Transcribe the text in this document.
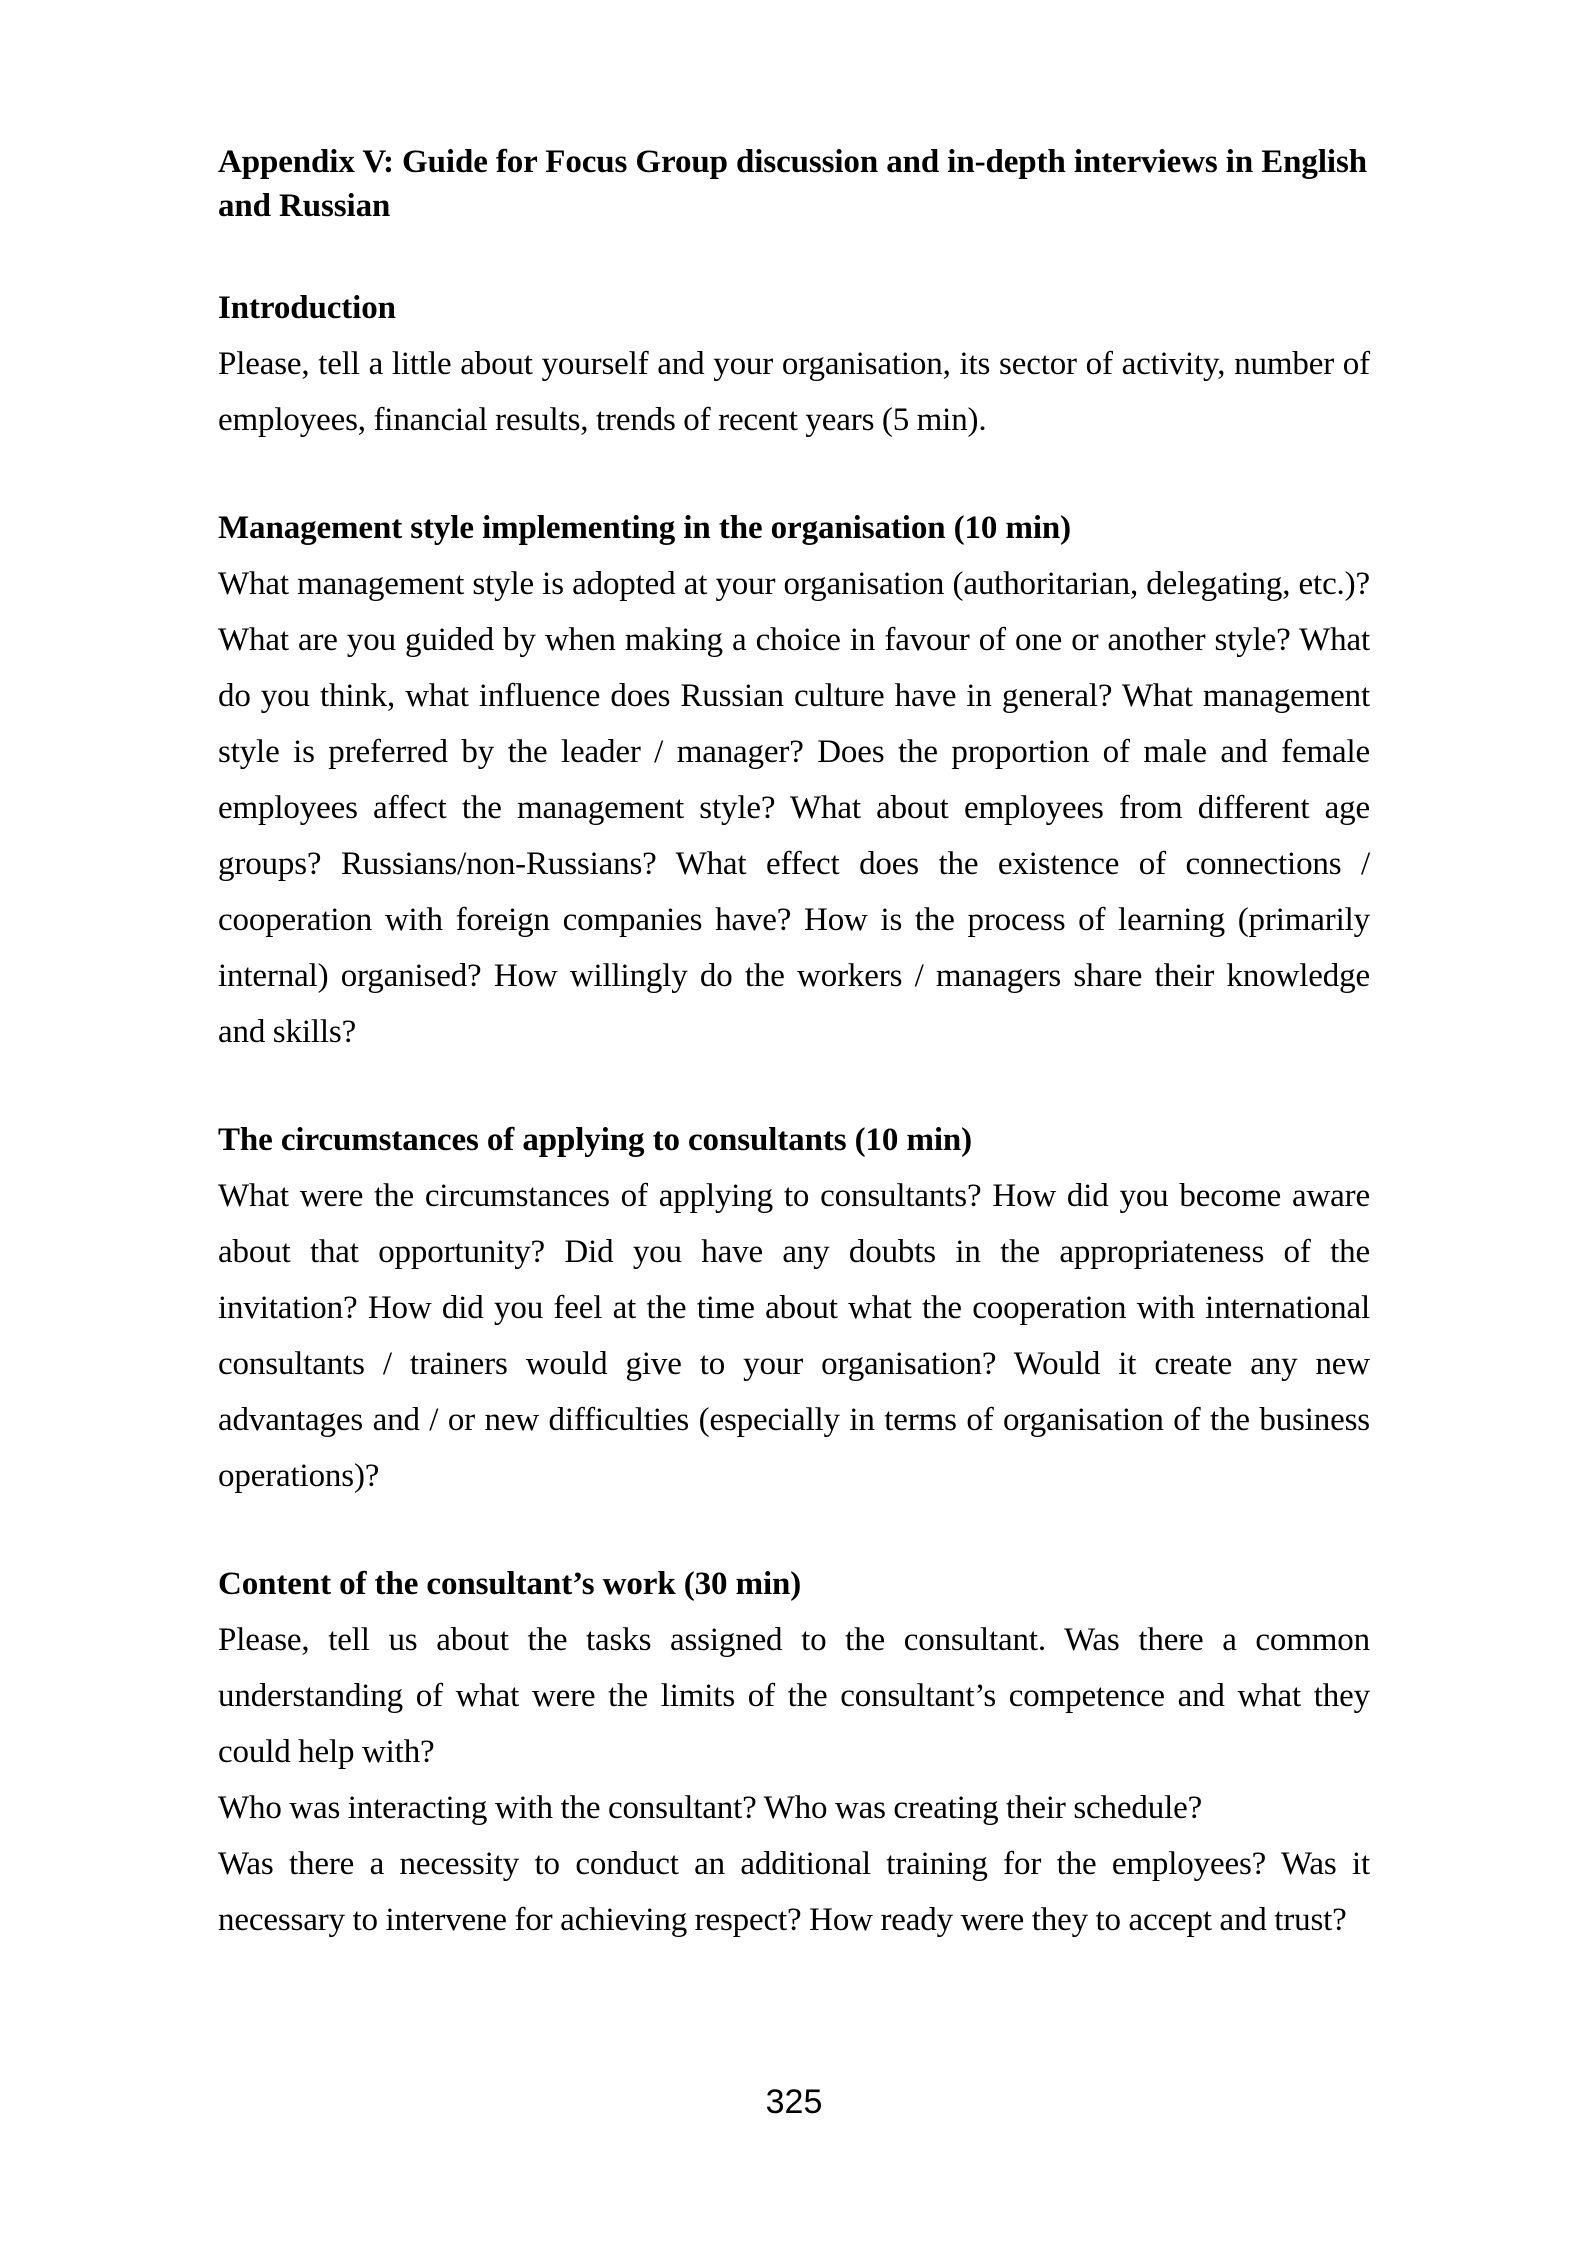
Appendix V: Guide for Focus Group discussion and in-depth interviews in English and Russian
Introduction

Please, tell a little about yourself and your organisation, its sector of activity, number of employees, financial results, trends of recent years (5 min).

Management style implementing in the organisation (10 min)

What management style is adopted at your organisation (authoritarian, delegating, etc.)? What are you guided by when making a choice in favour of one or another style? What do you think, what influence does Russian culture have in general? What management style is preferred by the leader / manager? Does the proportion of male and female employees affect the management style? What about employees from different age groups? Russians/non-Russians? What effect does the existence of connections / cooperation with foreign companies have? How is the process of learning (primarily internal) organised? How willingly do the workers / managers share their knowledge and skills?

The circumstances of applying to consultants (10 min)

What were the circumstances of applying to consultants? How did you become aware about that opportunity? Did you have any doubts in the appropriateness of the invitation? How did you feel at the time about what the cooperation with international consultants / trainers would give to your organisation? Would it create any new advantages and / or new difficulties (especially in terms of organisation of the business operations)?

Content of the consultant’s work (30 min)

Please, tell us about the tasks assigned to the consultant. Was there a common understanding of what were the limits of the consultant’s competence and what they could help with?

Who was interacting with the consultant? Who was creating their schedule?

Was there a necessity to conduct an additional training for the employees? Was it necessary to intervene for achieving respect? How ready were they to accept and trust?

325
